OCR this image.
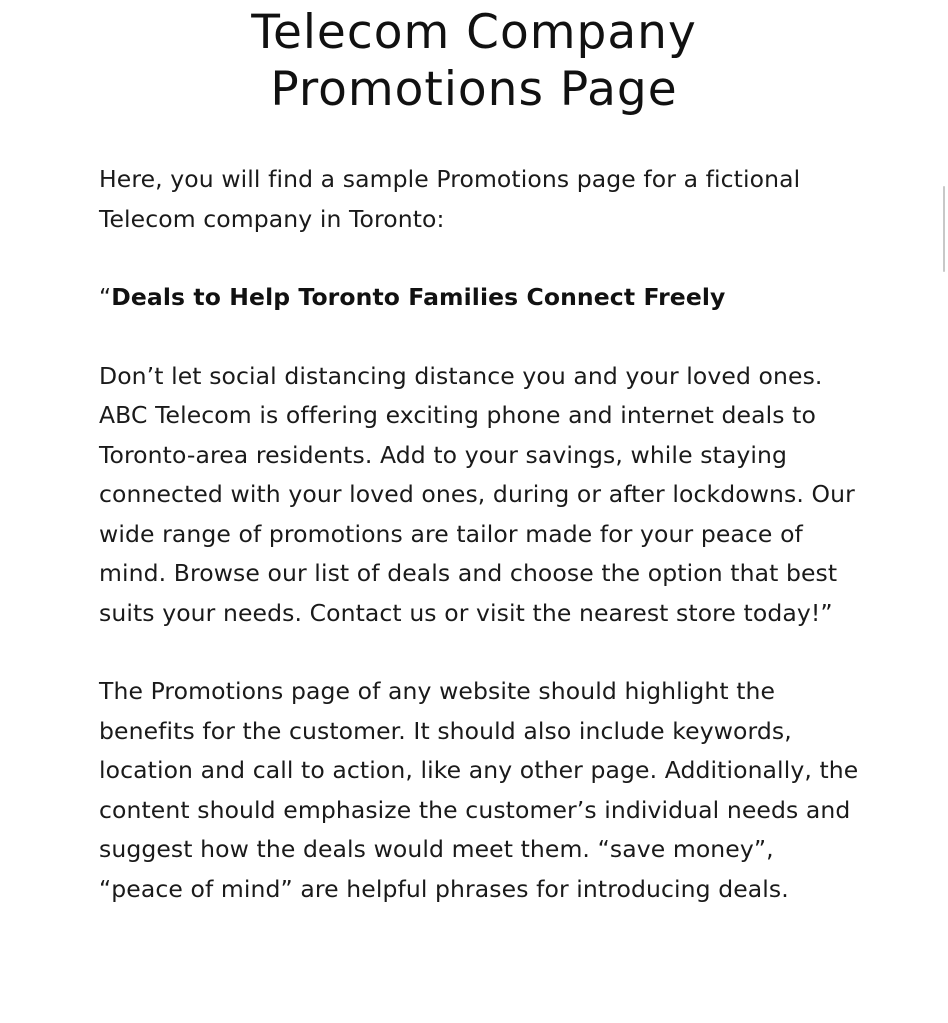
Telecom Company
Promotions Page

Here, you will find a sample Promotions page for a fictional Telecom company in Toronto:

“Deals to Help Toronto Families Connect Freely

Don’t let social distancing distance you and your loved ones. ABC Telecom is offering exciting phone and internet deals to Toronto-area residents. Add to your savings, while staying connected with your loved ones, during or after lockdowns. Our wide range of promotions are tailor made for your peace of mind. Browse our list of deals and choose the option that best suits your needs. Contact us or visit the nearest store today!”

The Promotions page of any website should highlight the benefits for the customer. It should also include keywords, location and call to action, like any other page. Additionally, the content should emphasize the customer’s individual needs and suggest how the deals would meet them. “save money”, “peace of mind” are helpful phrases for introducing deals.
